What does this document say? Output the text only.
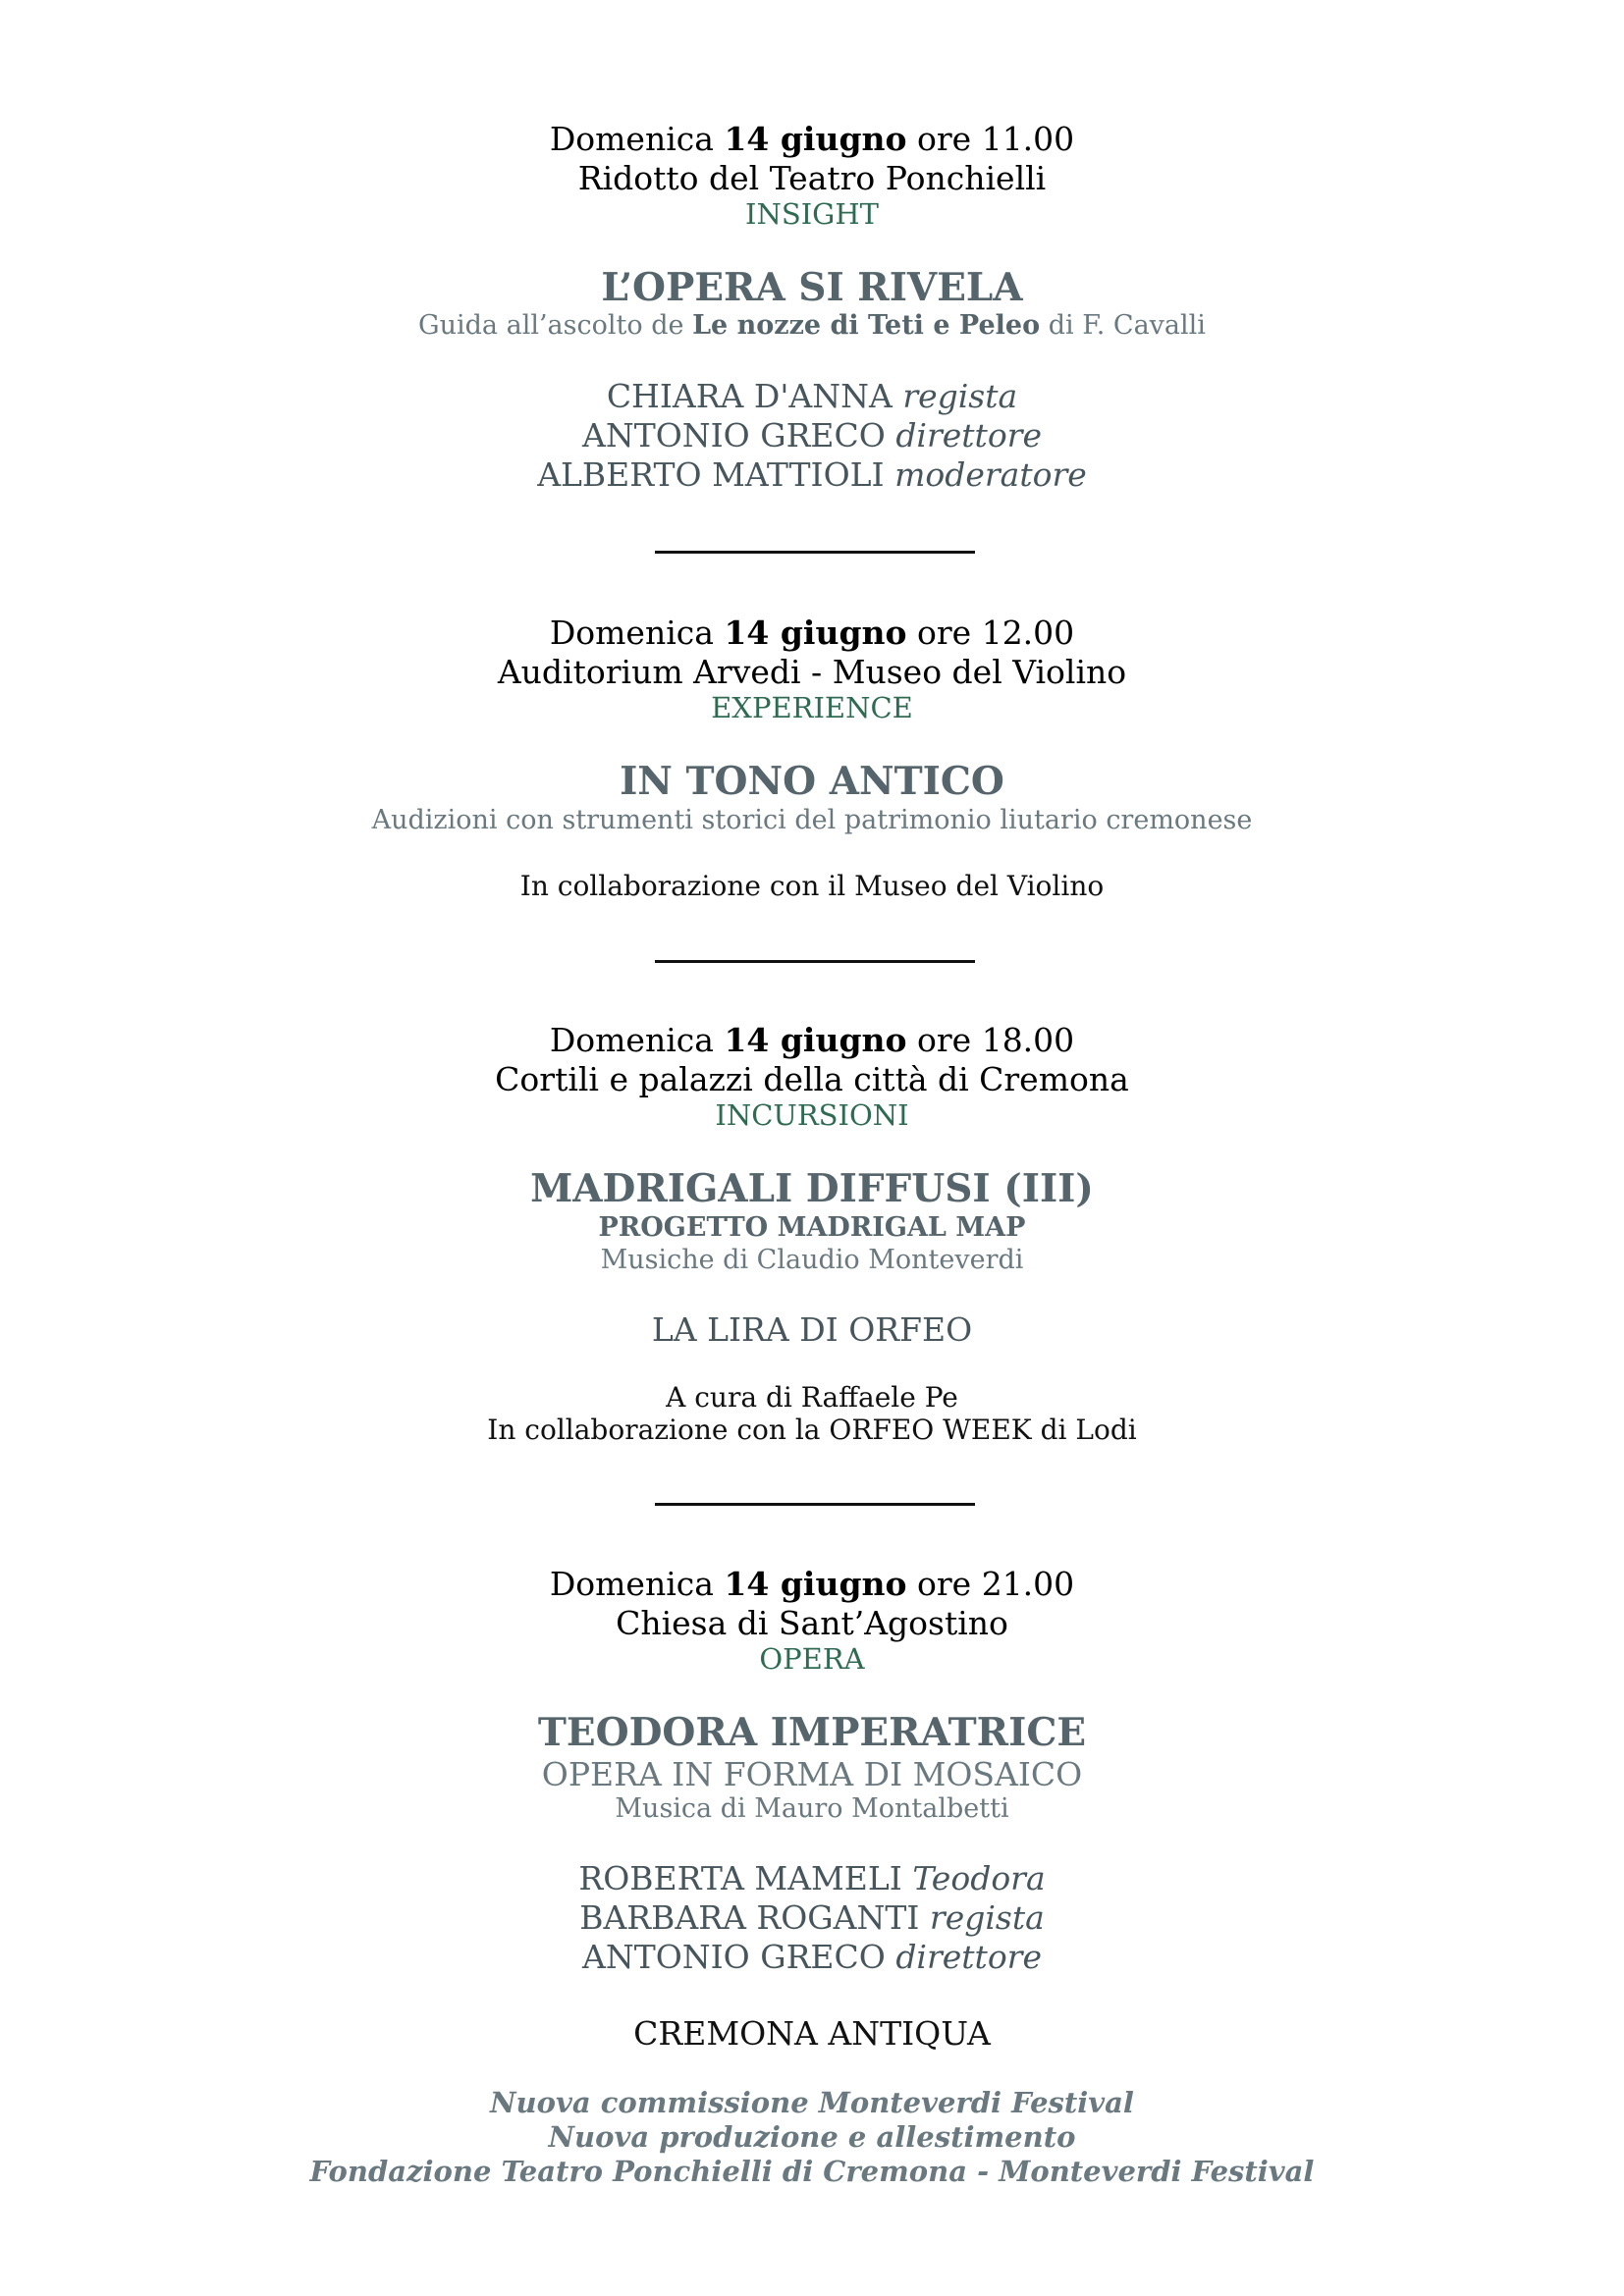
Domenica 14 giugno ore 11.00
Ridotto del Teatro Ponchielli
INSIGHT
L’OPERA SI RIVELA
Guida all’ascolto de Le nozze di Teti e Peleo di F. Cavalli
CHIARA D'ANNA regista
ANTONIO GRECO direttore
ALBERTO MATTIOLI moderatore
Domenica 14 giugno ore 12.00
Auditorium Arvedi - Museo del Violino
EXPERIENCE
IN TONO ANTICO
Audizioni con strumenti storici del patrimonio liutario cremonese
In collaborazione con il Museo del Violino
Domenica 14 giugno ore 18.00
Cortili e palazzi della città di Cremona
INCURSIONI
MADRIGALI DIFFUSI (III)
PROGETTO MADRIGAL MAP
Musiche di Claudio Monteverdi
LA LIRA DI ORFEO
A cura di Raffaele Pe
In collaborazione con la ORFEO WEEK di Lodi
Domenica 14 giugno ore 21.00
Chiesa di Sant’Agostino
OPERA
TEODORA IMPERATRICE
OPERA IN FORMA DI MOSAICO
Musica di Mauro Montalbetti
ROBERTA MAMELI Teodora
BARBARA ROGANTI regista
ANTONIO GRECO direttore
CREMONA ANTIQUA
Nuova commissione Monteverdi Festival
Nuova produzione e allestimento
Fondazione Teatro Ponchielli di Cremona - Monteverdi Festival
